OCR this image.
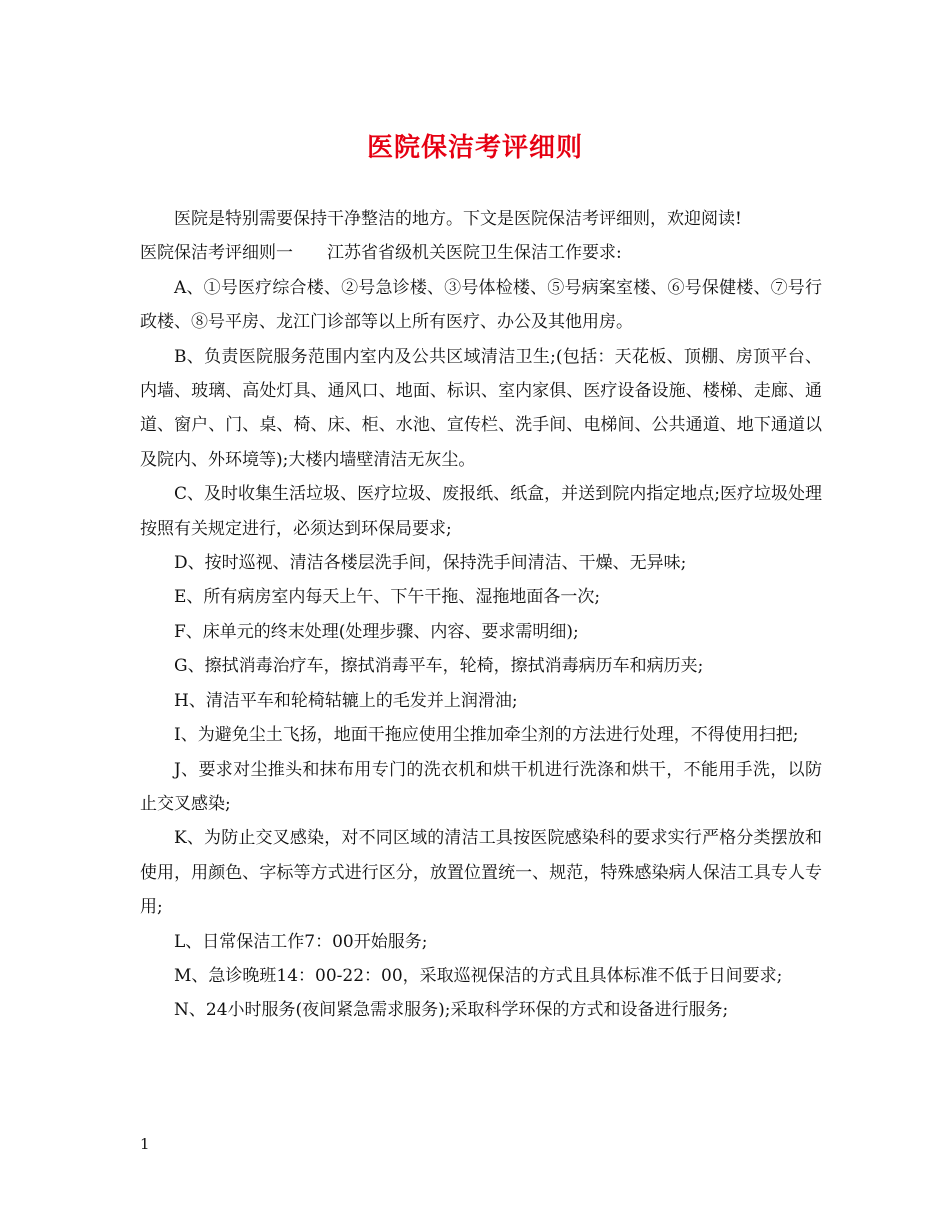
医院保洁考评细则

医院是特别需要保持干净整洁的地方。下文是医院保洁考评细则，欢迎阅读!

医院保洁考评细则一 江苏省省级机关医院卫生保洁工作要求:

A、①号医疗综合楼、②号急诊楼、③号体检楼、⑤号病案室楼、⑥号保健楼、⑦号行政楼、⑧号平房、龙江门诊部等以上所有医疗、办公及其他用房。

B、负责医院服务范围内室内及公共区域清洁卫生;(包括：天花板、顶棚、房顶平台、内墙、玻璃、高处灯具、通风口、地面、标识、室内家俱、医疗设备设施、楼梯、走廊、通道、窗户、门、桌、椅、床、柜、水池、宣传栏、洗手间、电梯间、公共通道、地下通道以及院内、外环境等);大楼内墙壁清洁无灰尘。

C、及时收集生活垃圾、医疗垃圾、废报纸、纸盒，并送到院内指定地点;医疗垃圾处理按照有关规定进行，必须达到环保局要求;

D、按时巡视、清洁各楼层洗手间，保持洗手间清洁、干燥、无异味;

E、所有病房室内每天上午、下午干拖、湿拖地面各一次;

F、床单元的终末处理(处理步骤、内容、要求需明细);

G、擦拭消毒治疗车，擦拭消毒平车，轮椅，擦拭消毒病历车和病历夹;

H、清洁平车和轮椅轱辘上的毛发并上润滑油;

I、为避免尘土飞扬，地面干拖应使用尘推加牵尘剂的方法进行处理，不得使用扫把;

J、要求对尘推头和抹布用专门的洗衣机和烘干机进行洗涤和烘干，不能用手洗，以防止交叉感染;

K、为防止交叉感染，对不同区域的清洁工具按医院感染科的要求实行严格分类摆放和使用，用颜色、字标等方式进行区分，放置位置统一、规范，特殊感染病人保洁工具专人专用;

L、日常保洁工作7：00开始服务;

M、急诊晚班14：00-22：00，采取巡视保洁的方式且具体标准不低于日间要求;

N、24小时服务(夜间紧急需求服务);采取科学环保的方式和设备进行服务;

1
